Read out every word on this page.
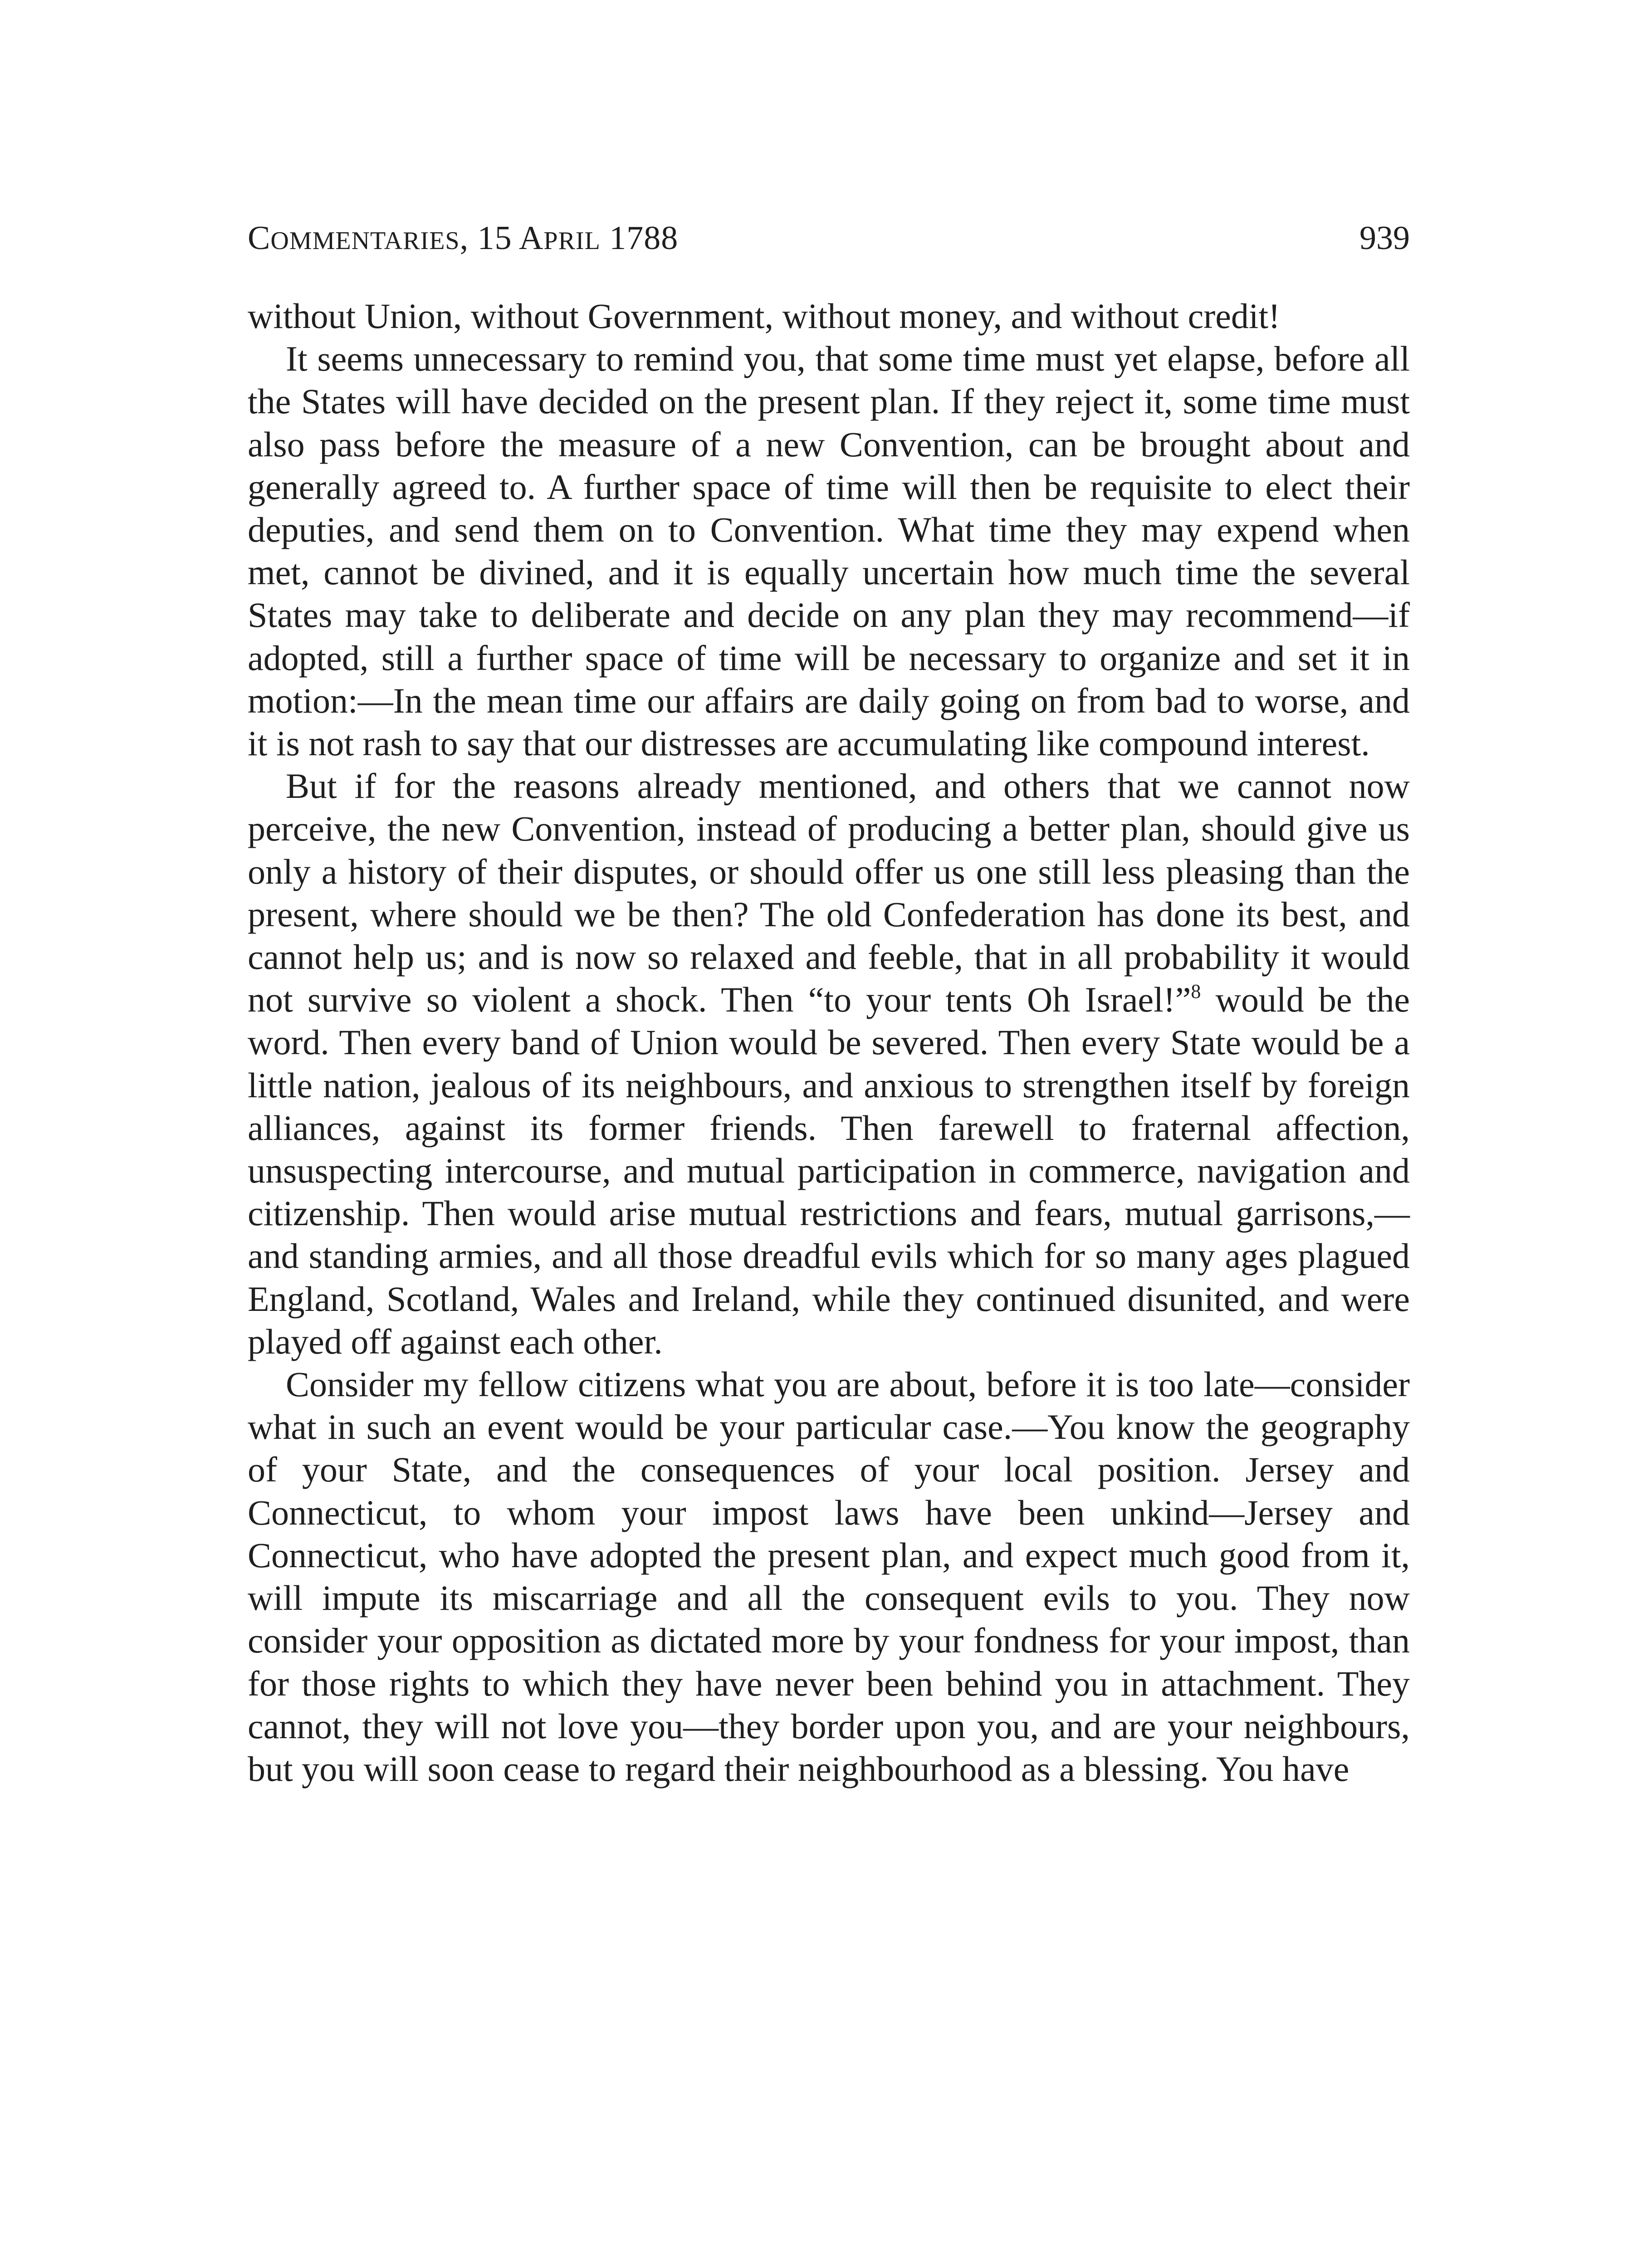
COMMENTARIES, 15 APRIL 1788	939

without Union, without Government, without money, and without credit!

It seems unnecessary to remind you, that some time must yet elapse, before all the States will have decided on the present plan. If they reject it, some time must also pass before the measure of a new Convention, can be brought about and generally agreed to. A further space of time will then be requisite to elect their deputies, and send them on to Convention. What time they may expend when met, cannot be divined, and it is equally uncertain how much time the several States may take to deliberate and decide on any plan they may recommend—if adopted, still a further space of time will be necessary to organize and set it in motion:—In the mean time our affairs are daily going on from bad to worse, and it is not rash to say that our distresses are accumulating like compound interest.

But if for the reasons already mentioned, and others that we cannot now perceive, the new Convention, instead of producing a better plan, should give us only a history of their disputes, or should offer us one still less pleasing than the present, where should we be then? The old Confederation has done its best, and cannot help us; and is now so relaxed and feeble, that in all probability it would not survive so violent a shock. Then “to your tents Oh Israel!”$^8$ would be the word. Then every band of Union would be severed. Then every State would be a little nation, jealous of its neighbours, and anxious to strengthen itself by foreign alliances, against its former friends. Then farewell to fraternal affection, unsuspecting intercourse, and mutual participation in commerce, navigation and citizenship. Then would arise mutual restrictions and fears, mutual garrisons,—and standing armies, and all those dreadful evils which for so many ages plagued England, Scotland, Wales and Ireland, while they continued disunited, and were played off against each other.

Consider my fellow citizens what you are about, before it is too late—consider what in such an event would be your particular case.—You know the geography of your State, and the consequences of your local position. Jersey and Connecticut, to whom your impost laws have been unkind—Jersey and Connecticut, who have adopted the present plan, and expect much good from it, will impute its miscarriage and all the consequent evils to you. They now consider your opposition as dictated more by your fondness for your impost, than for those rights to which they have never been behind you in attachment. They cannot, they will not love you—they border upon you, and are your neighbours, but you will soon cease to regard their neighbourhood as a blessing. You have
